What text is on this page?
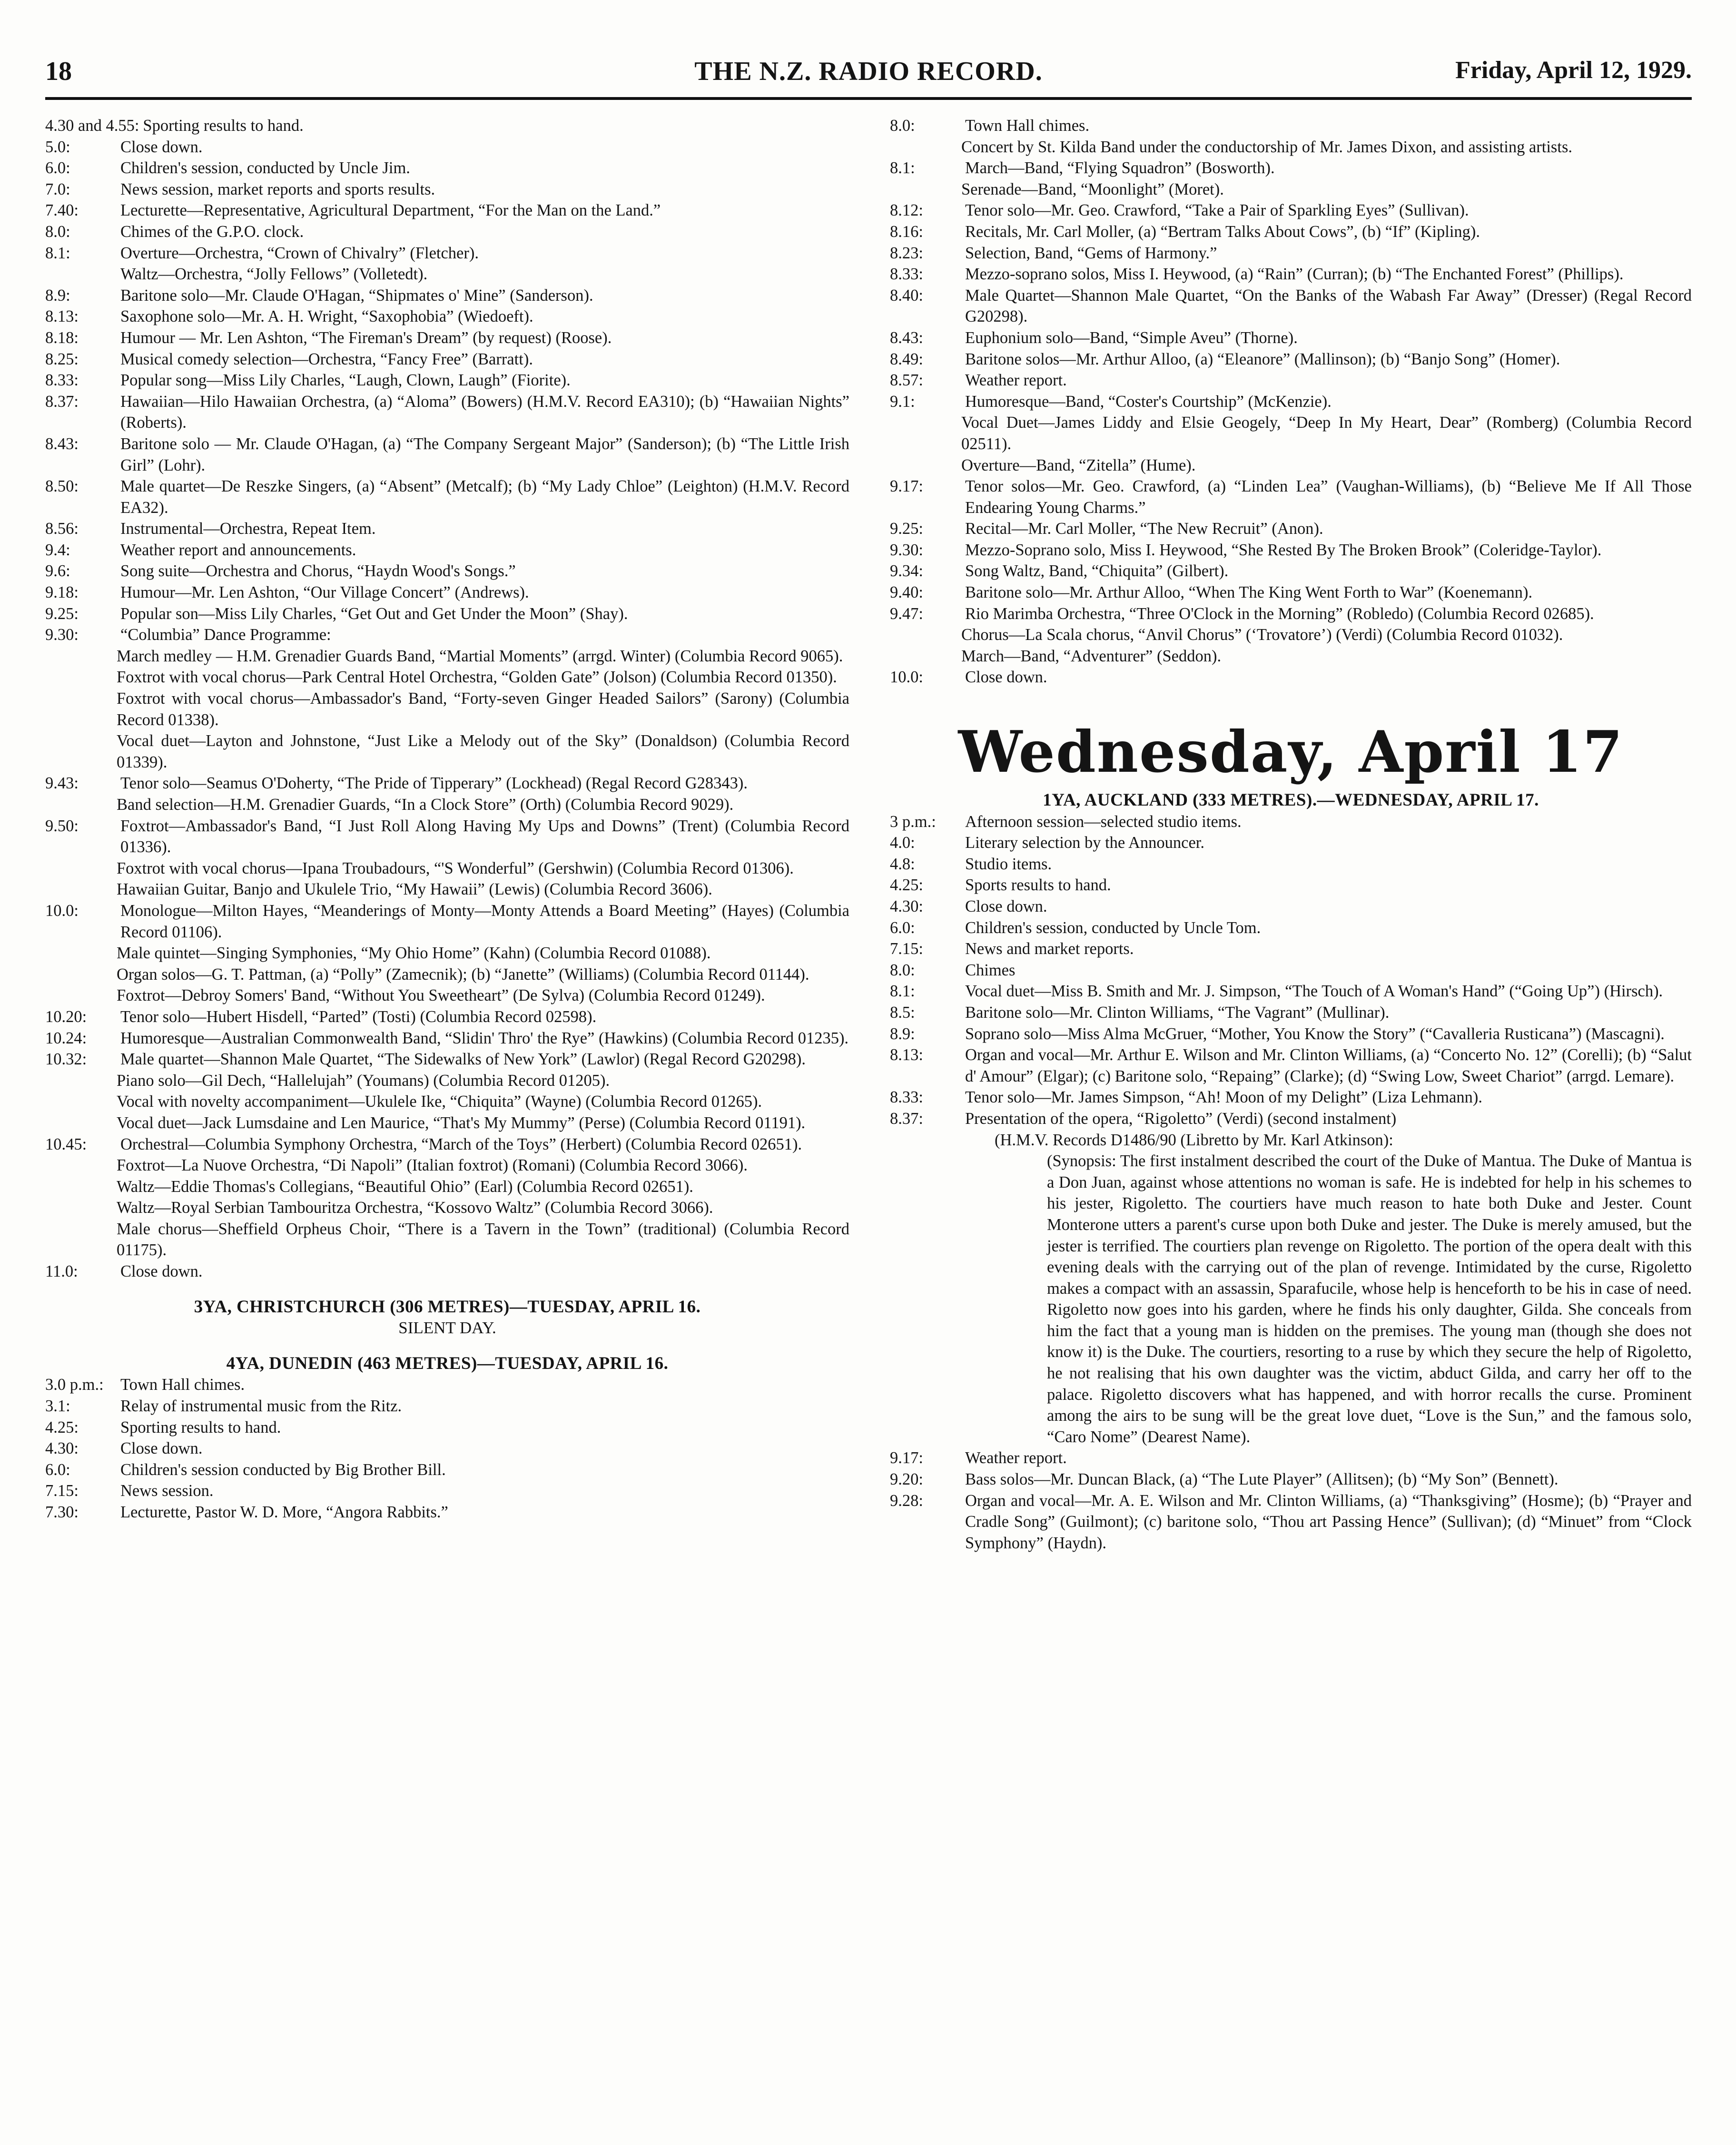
18	THE N.Z. RADIO RECORD.	Friday, April 12, 1929.
4.30 and 4.55: Sporting results to hand.
5.0:	Close down.
6.0:	Children's session, conducted by Uncle Jim.
7.0:	News session, market reports and sports results.
7.40:	Lecturette—Representative, Agricultural Department, “For the Man on the Land.”
8.0:	Chimes of the G.P.O. clock.
8.1:	Overture—Orchestra, “Crown of Chivalry” (Fletcher).
Waltz—Orchestra, “Jolly Fellows” (Volletedt).
8.9:	Baritone solo—Mr. Claude O'Hagan, “Shipmates o' Mine” (Sanderson).
8.13:	Saxophone solo—Mr. A. H. Wright, “Saxophobia” (Wiedoeft).
8.18:	Humour — Mr. Len Ashton, “The Fireman's Dream” (by request) (Roose).
8.25:	Musical comedy selection—Orchestra, “Fancy Free” (Barratt).
8.33:	Popular song—Miss Lily Charles, “Laugh, Clown, Laugh” (Fiorite).
8.37:	Hawaiian—Hilo Hawaiian Orchestra, (a) “Aloma” (Bowers) (H.M.V. Record EA310); (b) “Hawaiian Nights” (Roberts).
8.43:	Baritone solo — Mr. Claude O'Hagan, (a) “The Company Sergeant Major” (Sanderson); (b) “The Little Irish Girl” (Lohr).
8.50:	Male quartet—De Reszke Singers, (a) “Absent” (Metcalf); (b) “My Lady Chloe” (Leighton) (H.M.V. Record EA32).
8.56:	Instrumental—Orchestra, Repeat Item.
9.4:	Weather report and announcements.
9.6:	Song suite—Orchestra and Chorus, “Haydn Wood's Songs.”
9.18:	Humour—Mr. Len Ashton, “Our Village Concert” (Andrews).
9.25:	Popular son—Miss Lily Charles, “Get Out and Get Under the Moon” (Shay).
9.30:	“Columbia” Dance Programme:
March medley — H.M. Grenadier Guards Band, “Martial Moments” (arrgd. Winter) (Columbia Record 9065).
Foxtrot with vocal chorus—Park Central Hotel Orchestra, “Golden Gate” (Jolson) (Columbia Record 01350).
Foxtrot with vocal chorus—Ambassador's Band, “Forty-seven Ginger Headed Sailors” (Sarony) (Columbia Record 01338).
Vocal duet—Layton and Johnstone, “Just Like a Melody out of the Sky” (Donaldson) (Columbia Record 01339).
9.43:	Tenor solo—Seamus O'Doherty, “The Pride of Tipperary” (Lockhead) (Regal Record G28343).
Band selection—H.M. Grenadier Guards, “In a Clock Store” (Orth) (Columbia Record 9029).
9.50:	Foxtrot—Ambassador's Band, “I Just Roll Along Having My Ups and Downs” (Trent) (Columbia Record 01336).
Foxtrot with vocal chorus—Ipana Troubadours, “'S Wonderful” (Gershwin) (Columbia Record 01306).
Hawaiian Guitar, Banjo and Ukulele Trio, “My Hawaii” (Lewis) (Columbia Record 3606).
10.0:	Monologue—Milton Hayes, “Meanderings of Monty—Monty Attends a Board Meeting” (Hayes) (Columbia Record 01106).
Male quintet—Singing Symphonies, “My Ohio Home” (Kahn) (Columbia Record 01088).
Organ solos—G. T. Pattman, (a) “Polly” (Zamecnik); (b) “Janette” (Williams) (Columbia Record 01144).
Foxtrot—Debroy Somers' Band, “Without You Sweetheart” (De Sylva) (Columbia Record 01249).
10.20:	Tenor solo—Hubert Hisdell, “Parted” (Tosti) (Columbia Record 02598).
10.24:	Humoresque—Australian Commonwealth Band, “Slidin' Thro' the Rye” (Hawkins) (Columbia Record 01235).
10.32:	Male quartet—Shannon Male Quartet, “The Sidewalks of New York” (Lawlor) (Regal Record G20298).
Piano solo—Gil Dech, “Hallelujah” (Youmans) (Columbia Record 01205).
Vocal with novelty accompaniment—Ukulele Ike, “Chiquita” (Wayne) (Columbia Record 01265).
Vocal duet—Jack Lumsdaine and Len Maurice, “That's My Mummy” (Perse) (Columbia Record 01191).
10.45:	Orchestral—Columbia Symphony Orchestra, “March of the Toys” (Herbert) (Columbia Record 02651).
Foxtrot—La Nuove Orchestra, “Di Napoli” (Italian foxtrot) (Romani) (Columbia Record 3066).
Waltz—Eddie Thomas's Collegians, “Beautiful Ohio” (Earl) (Columbia Record 02651).
Waltz—Royal Serbian Tambouritza Orchestra, “Kossovo Waltz” (Columbia Record 3066).
Male chorus—Sheffield Orpheus Choir, “There is a Tavern in the Town” (traditional) (Columbia Record 01175).
11.0:	Close down.
3YA, CHRISTCHURCH (306 METRES)—TUESDAY, APRIL 16.
SILENT DAY.
4YA, DUNEDIN (463 METRES)—TUESDAY, APRIL 16.
3.0 p.m.:	Town Hall chimes.
3.1:	Relay of instrumental music from the Ritz.
4.25:	Sporting results to hand.
4.30:	Close down.
6.0:	Children's session conducted by Big Brother Bill.
7.15:	News session.
7.30:	Lecturette, Pastor W. D. More, “Angora Rabbits.”
8.0:	Town Hall chimes.
Concert by St. Kilda Band under the conductorship of Mr. James Dixon, and assisting artists.
8.1:	March—Band, “Flying Squadron” (Bosworth).
Serenade—Band, “Moonlight” (Moret).
8.12:	Tenor solo—Mr. Geo. Crawford, “Take a Pair of Sparkling Eyes” (Sullivan).
8.16:	Recitals, Mr. Carl Moller, (a) “Bertram Talks About Cows”, (b) “If” (Kipling).
8.23:	Selection, Band, “Gems of Harmony.”
8.33:	Mezzo-soprano solos, Miss I. Heywood, (a) “Rain” (Curran); (b) “The Enchanted Forest” (Phillips).
8.40:	Male Quartet—Shannon Male Quartet, “On the Banks of the Wabash Far Away” (Dresser) (Regal Record G20298).
8.43:	Euphonium solo—Band, “Simple Aveu” (Thorne).
8.49:	Baritone solos—Mr. Arthur Alloo, (a) “Eleanore” (Mallinson); (b) “Banjo Song” (Homer).
8.57:	Weather report.
9.1:	Humoresque—Band, “Coster's Courtship” (McKenzie).
Vocal Duet—James Liddy and Elsie Geogely, “Deep In My Heart, Dear” (Romberg) (Columbia Record 02511).
Overture—Band, “Zitella” (Hume).
9.17:	Tenor solos—Mr. Geo. Crawford, (a) “Linden Lea” (Vaughan-Williams), (b) “Believe Me If All Those Endearing Young Charms.”
9.25:	Recital—Mr. Carl Moller, “The New Recruit” (Anon).
9.30:	Mezzo-Soprano solo, Miss I. Heywood, “She Rested By The Broken Brook” (Coleridge-Taylor).
9.34:	Song Waltz, Band, “Chiquita” (Gilbert).
9.40:	Baritone solo—Mr. Arthur Alloo, “When The King Went Forth to War” (Koenemann).
9.47:	Rio Marimba Orchestra, “Three O'Clock in the Morning” (Robledo) (Columbia Record 02685).
Chorus—La Scala chorus, “Anvil Chorus” (‘Trovatore’) (Verdi) (Columbia Record 01032).
March—Band, “Adventurer” (Seddon).
10.0:	Close down.
Wednesday, April 17
1YA, AUCKLAND (333 METRES).—WEDNESDAY, APRIL 17.
3 p.m.:	Afternoon session—selected studio items.
4.0:	Literary selection by the Announcer.
4.8:	Studio items.
4.25:	Sports results to hand.
4.30:	Close down.
6.0:	Children's session, conducted by Uncle Tom.
7.15:	News and market reports.
8.0:	Chimes
8.1:	Vocal duet—Miss B. Smith and Mr. J. Simpson, “The Touch of A Woman's Hand” (“Going Up”) (Hirsch).
8.5:	Baritone solo—Mr. Clinton Williams, “The Vagrant” (Mullinar).
8.9:	Soprano solo—Miss Alma McGruer, “Mother, You Know the Story” (“Cavalleria Rusticana”) (Mascagni).
8.13:	Organ and vocal—Mr. Arthur E. Wilson and Mr. Clinton Williams, (a) “Concerto No. 12” (Corelli); (b) “Salut d' Amour” (Elgar); (c) Baritone solo, “Repaing” (Clarke); (d) “Swing Low, Sweet Chariot” (arrgd. Lemare).
8.33:	Tenor solo—Mr. James Simpson, “Ah! Moon of my Delight” (Liza Lehmann).
8.37:	Presentation of the opera, “Rigoletto” (Verdi) (second instalment)
(H.M.V. Records D1486/90 (Libretto by Mr. Karl Atkinson):
(Synopsis: The first instalment described the court of the Duke of Mantua. The Duke of Mantua is a Don Juan, against whose attentions no woman is safe. He is indebted for help in his schemes to his jester, Rigoletto. The courtiers have much reason to hate both Duke and Jester. Count Monterone utters a parent's curse upon both Duke and jester. The Duke is merely amused, but the jester is terrified. The courtiers plan revenge on Rigoletto. The portion of the opera dealt with this evening deals with the carrying out of the plan of revenge. Intimidated by the curse, Rigoletto makes a compact with an assassin, Sparafucile, whose help is henceforth to be his in case of need. Rigoletto now goes into his garden, where he finds his only daughter, Gilda. She conceals from him the fact that a young man is hidden on the premises. The young man (though she does not know it) is the Duke. The courtiers, resorting to a ruse by which they secure the help of Rigoletto, he not realising that his own daughter was the victim, abduct Gilda, and carry her off to the palace. Rigoletto discovers what has happened, and with horror recalls the curse. Prominent among the airs to be sung will be the great love duet, “Love is the Sun,” and the famous solo, “Caro Nome” (Dearest Name).
9.17:	Weather report.
9.20:	Bass solos—Mr. Duncan Black, (a) “The Lute Player” (Allitsen); (b) “My Son” (Bennett).
9.28:	Organ and vocal—Mr. A. E. Wilson and Mr. Clinton Williams, (a) “Thanksgiving” (Hosme); (b) “Prayer and Cradle Song” (Guilmont); (c) baritone solo, “Thou art Passing Hence” (Sullivan); (d) “Minuet” from “Clock Symphony” (Haydn).
